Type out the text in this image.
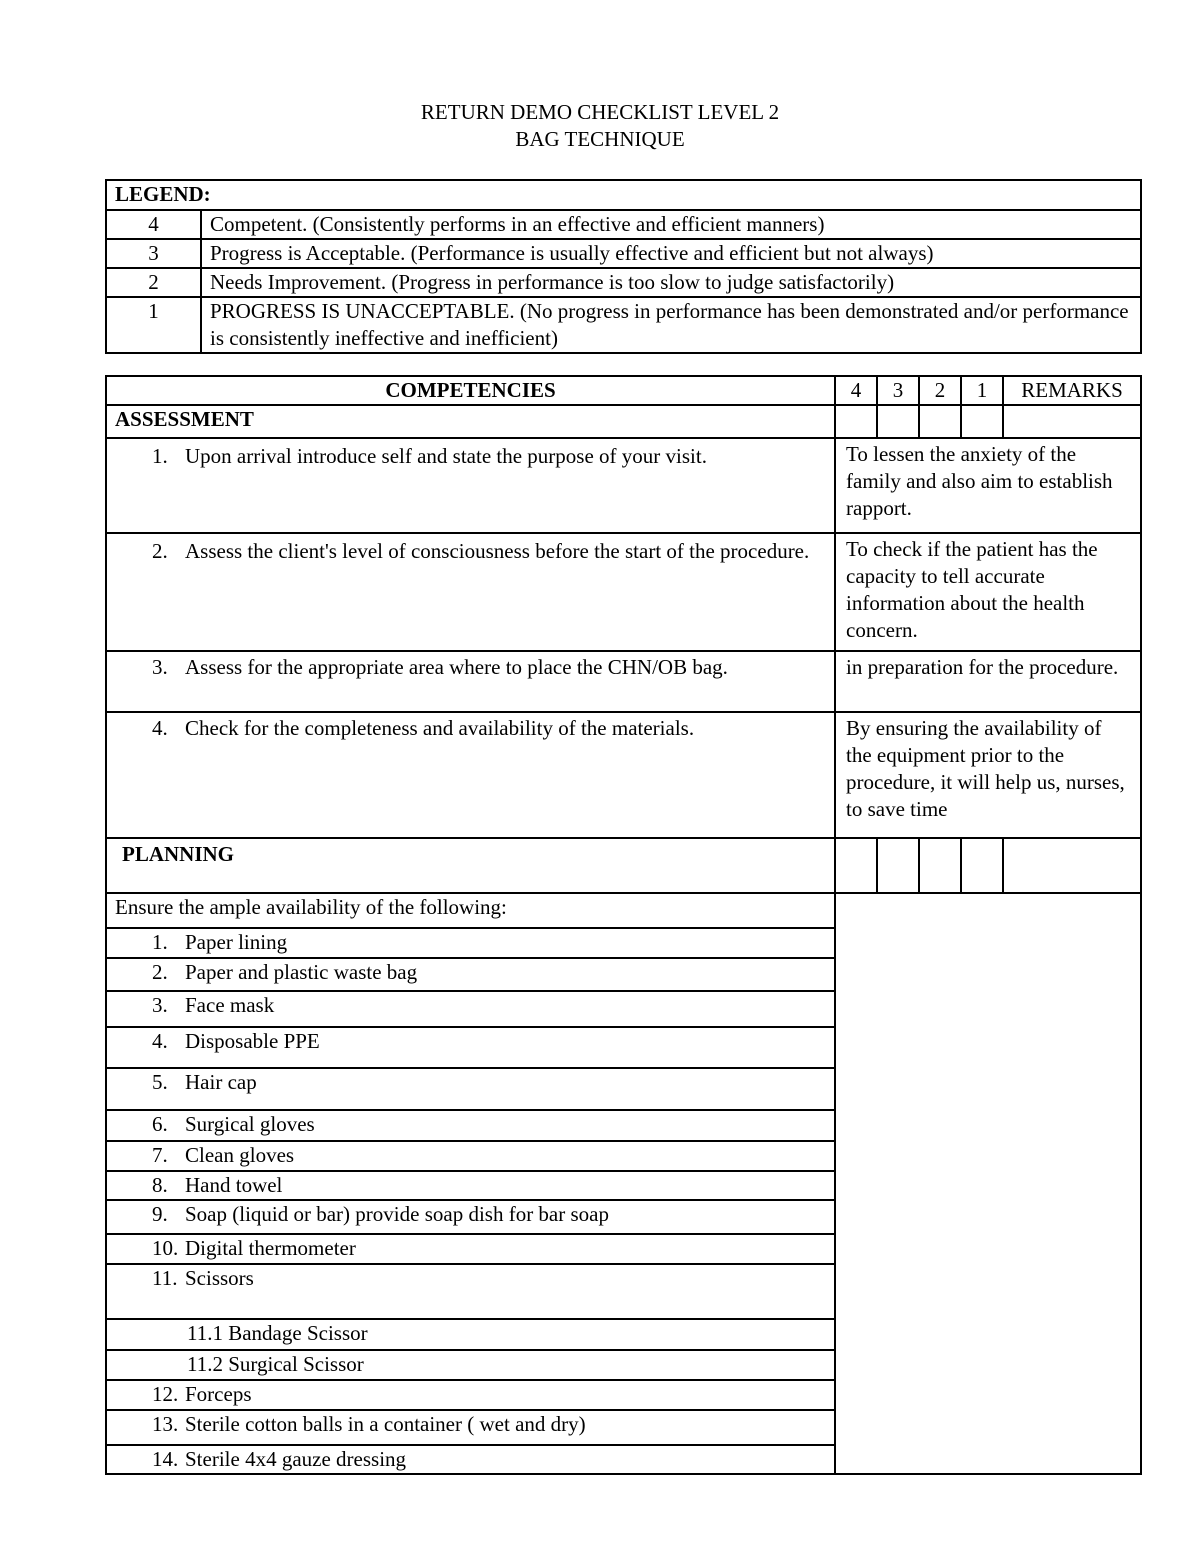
RETURN DEMO CHECKLIST LEVEL 2
BAG TECHNIQUE
LEGEND:	
4	Competent. (Consistently performs in an effective and efficient manners)
3	Progress is Acceptable. (Performance is usually effective and efficient but not always)
2	Needs Improvement. (Progress in performance is too slow to judge satisfactorily)
1	PROGRESS IS UNACCEPTABLE. (No progress in performance has been demonstrated and/or performance is consistently ineffective and inefficient)
COMPETENCIES	4	3	2	1	REMARKS
ASSESSMENT					

1. Upon arrival introduce self and state the purpose of your visit.	To lessen the anxiety of the family and also aim to establish rapport.				

2. Assess the client's level of consciousness before the start of the procedure.	To check if the patient has the capacity to tell accurate information about the health concern.				

3. Assess for the appropriate area where to place the CHN/OB bag.	in preparation for the procedure.				

4. Check for the completeness and availability of the materials.	By ensuring the availability of the equipment prior to the procedure, it will help us, nurses, to save time				
PLANNING					
Ensure the ample availability of the following:					

1. Paper lining					

2. Paper and plastic waste bag					

3. Face mask					

4. Disposable PPE					

5. Hair cap					

6. Surgical gloves					

7. Clean gloves					

8. Hand towel					

9. Soap (liquid or bar) provide soap dish for bar soap					

10. Digital thermometer					

11. Scissors					

11.1 Bandage Scissor					
11.2 Surgical Scissor					

12. Forceps					

13. Sterile cotton balls in a container ( wet and dry)					

14. Sterile 4x4 gauze dressing					
